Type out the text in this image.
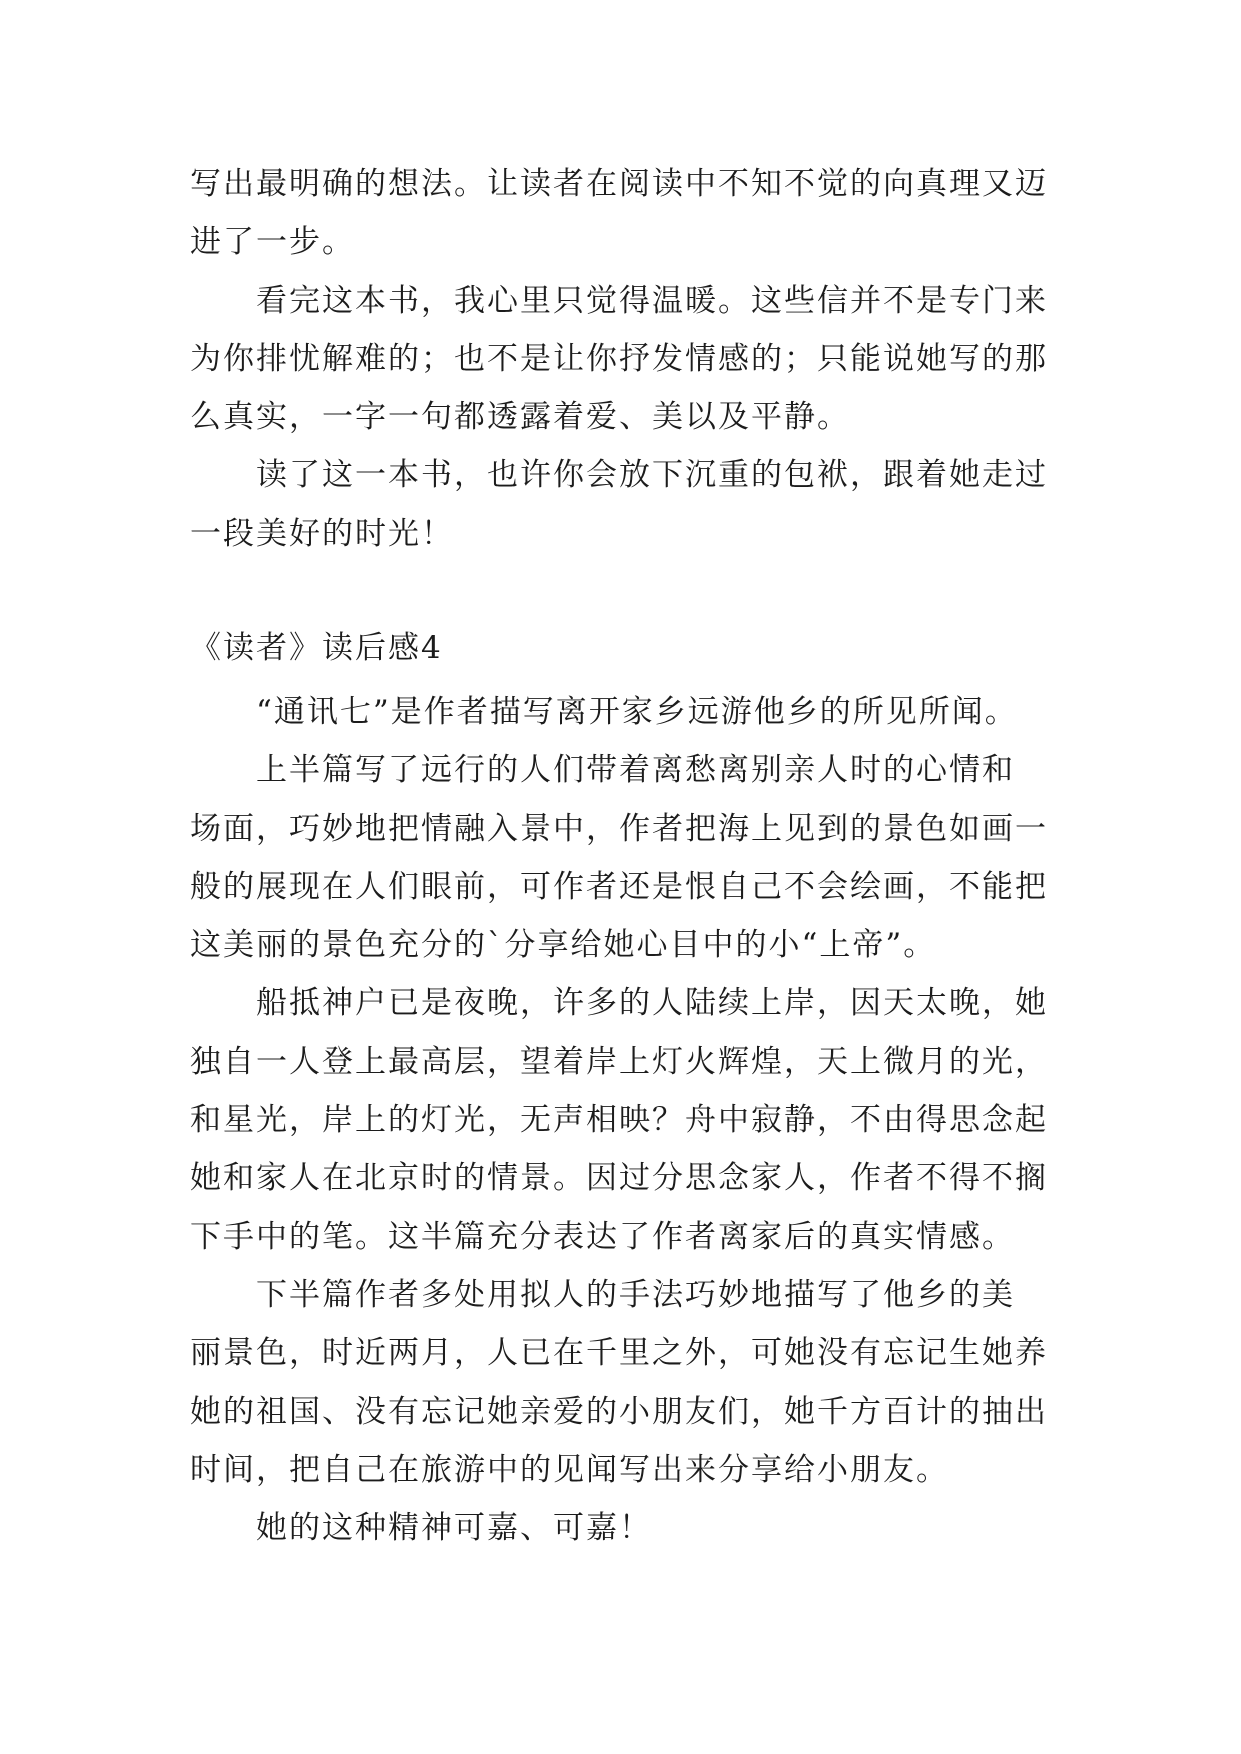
写出最明确的想法。让读者在阅读中不知不觉的向真理又迈
进了一步。
看完这本书，我心里只觉得温暖。这些信并不是专门来
为你排忧解难的；也不是让你抒发情感的；只能说她写的那
么真实，一字一句都透露着爱、美以及平静。
读了这一本书，也许你会放下沉重的包袱，跟着她走过
一段美好的时光！
《读者》读后感4
“通讯七”是作者描写离开家乡远游他乡的所见所闻。
上半篇写了远行的人们带着离愁离别亲人时的心情和
场面，巧妙地把情融入景中，作者把海上见到的景色如画一
般的展现在人们眼前，可作者还是恨自己不会绘画，不能把
这美丽的景色充分的`分享给她心目中的小“上帝”。
船抵神户已是夜晚，许多的人陆续上岸，因天太晚，她
独自一人登上最高层，望着岸上灯火辉煌，天上微月的光，
和星光，岸上的灯光，无声相映？舟中寂静，不由得思念起
她和家人在北京时的情景。因过分思念家人，作者不得不搁
下手中的笔。这半篇充分表达了作者离家后的真实情感。
下半篇作者多处用拟人的手法巧妙地描写了他乡的美
丽景色，时近两月，人已在千里之外，可她没有忘记生她养
她的祖国、没有忘记她亲爱的小朋友们，她千方百计的抽出
时间，把自己在旅游中的见闻写出来分享给小朋友。
她的这种精神可嘉、可嘉！
